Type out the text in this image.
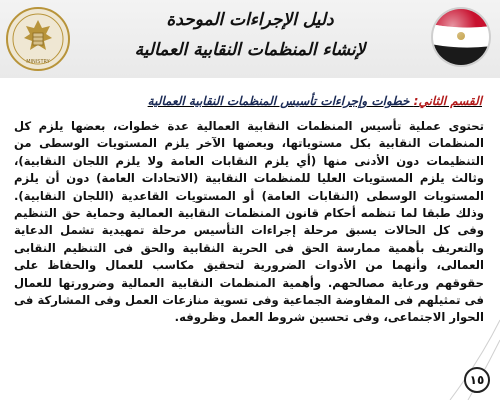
MINISTRY
دليل الإجراءات الموحدة
لإنشاء المنظمات النقابية العمالية
القسم الثاني: خطوات وإجراءات تأسيس المنظمات النقابية العمالية
تحتوى عملية تأسيس المنظمات النقابية العمالية عدة خطوات، بعضها يلزم كل المنظمات النقابية بكل مستوياتها، وبعضها الآخر يلزم المستويات الوسطى من التنظيمات دون الأدنى منها (أي يلزم النقابات العامة ولا يلزم اللجان النقابية)، وثالث يلزم المستويات العليا للمنظمات النقابية (الاتحادات العامة) دون أن يلزم المستويات الوسطى (النقابات العامة) أو المستويات القاعدية (اللجان النقابية). وذلك طبقا لما تنظمه أحكام قانون المنظمات النقابية العمالية وحماية حق التنظيم وفى كل الحالات يسبق مرحلة إجراءات التأسيس مرحلة تمهيدية تشمل الدعاية والتعريف بأهمية ممارسة الحق فى الحرية النقابية والحق فى التنظيم النقابى العمالى، وأنهما من الأدوات الضرورية لتحقيق مكاسب للعمال والحفاظ على حقوقهم ورعاية مصالحهم. وأهمية المنظمات النقابية العمالية وضرورتها للعمال فى تمثيلهم فى المفاوضة الجماعية وفى تسوية منازعات العمل وفى المشاركة فى الحوار الاجتماعى، وفى تحسين شروط العمل وظروفه.
١٥
